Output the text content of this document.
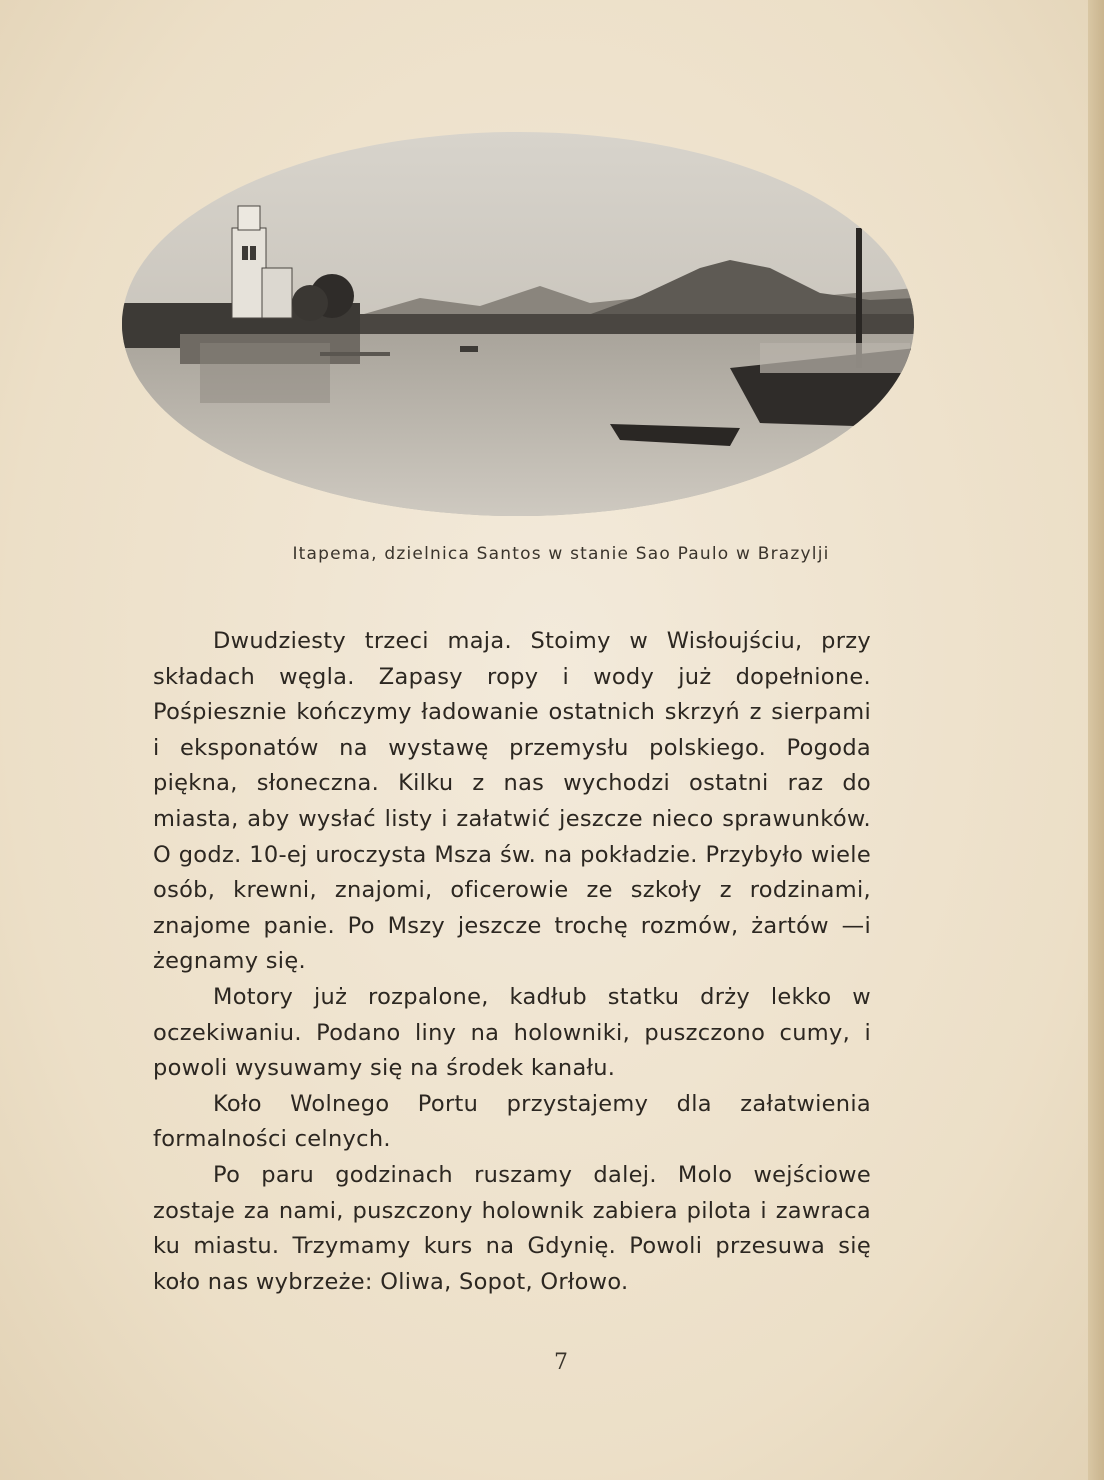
Itapema, dzielnica Santos w stanie Sao Paulo w Brazylji

Dwudziesty trzeci maja. Stoimy w Wisłoujściu, przy składach węgla. Zapasy ropy i wody już dopełnione. Pośpiesznie kończymy ładowanie ostatnich skrzyń z sierpami i eksponatów na wystawę przemysłu polskiego. Pogoda piękna, słoneczna. Kilku z nas wychodzi ostatni raz do miasta, aby wysłać listy i załatwić jeszcze nieco sprawunków. O godz. 10-ej uroczysta Msza św. na pokładzie. Przybyło wiele osób, krewni, znajomi, oficerowie ze szkoły z rodzinami, znajome panie. Po Mszy jeszcze trochę rozmów, żartów —i żegnamy się.

Motory już rozpalone, kadłub statku drży lekko w oczekiwaniu. Podano liny na holowniki, puszczono cumy, i powoli wysuwamy się na środek kanału.

Koło Wolnego Portu przystajemy dla załatwienia formalności celnych.

Po paru godzinach ruszamy dalej. Molo wejściowe zostaje za nami, puszczony holownik zabiera pilota i zawraca ku miastu. Trzymamy kurs na Gdynię. Powoli przesuwa się koło nas wybrzeże: Oliwa, Sopot, Orłowo.

7
